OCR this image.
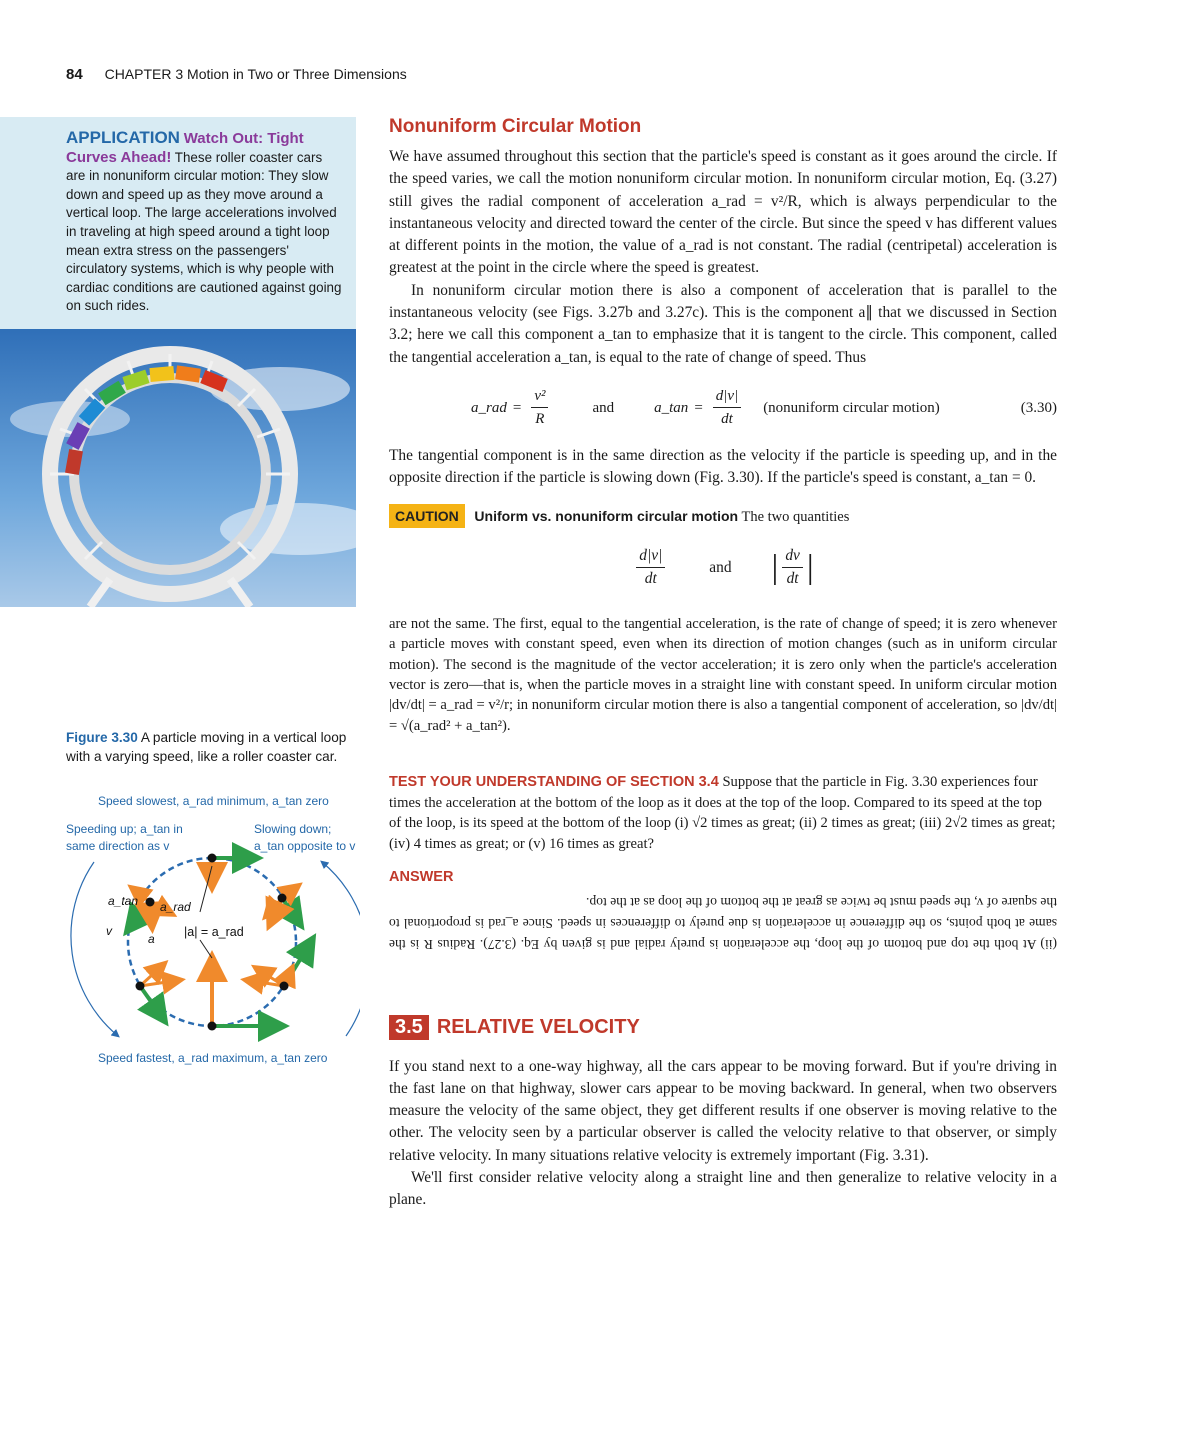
84 CHAPTER 3 Motion in Two or Three Dimensions
APPLICATION Watch Out: Tight Curves Ahead! These roller coaster cars are in nonuniform circular motion: They slow down and speed up as they move around a vertical loop. The large accelerations involved in traveling at high speed around a tight loop mean extra stress on the passengers' circulatory systems, which is why people with cardiac conditions are cautioned against going on such rides.
Figure 3.30 A particle moving in a vertical loop with a varying speed, like a roller coaster car.
Speed slowest, a_rad minimum, a_tan zero
Speeding up; a_tan in
same direction as v
Slowing down;
a_tan opposite to v
Speed fastest, a_rad maximum, a_tan zero
a_tan a_rad
v
a |a| = a_rad
Nonuniform Circular Motion

We have assumed throughout this section that the particle's speed is constant as it goes around the circle. If the speed varies, we call the motion nonuniform circular motion. In nonuniform circular motion, Eq. (3.27) still gives the radial component of acceleration a_rad = v²/R, which is always perpendicular to the instantaneous velocity and directed toward the center of the circle. But since the speed v has different values at different points in the motion, the value of a_rad is not constant. The radial (centripetal) acceleration is greatest at the point in the circle where the speed is greatest.

In nonuniform circular motion there is also a component of acceleration that is parallel to the instantaneous velocity (see Figs. 3.27b and 3.27c). This is the component a∥ that we discussed in Section 3.2; here we call this component a_tan to emphasize that it is tangent to the circle. This component, called the tangential acceleration a_tan, is equal to the rate of change of speed. Thus

a_rad = $\frac{\text{v²}}{R}$	and	a_tan = $\frac{d|v|}{dt}$ (nonuniform circular motion)	(3.30)

The tangential component is in the same direction as the velocity if the particle is speeding up, and in the opposite direction if the particle is slowing down (Fig. 3.30). If the particle's speed is constant, a_tan = 0.

CAUTION Uniform vs. nonuniform circular motion The two quantities
$\frac{d|v|}{dt}$	and | $\frac{dv}{dt}$ |

are not the same. The first, equal to the tangential acceleration, is the rate of change of speed; it is zero whenever a particle moves with constant speed, even when its direction of motion changes (such as in uniform circular motion). The second is the magnitude of the vector acceleration; it is zero only when the particle's acceleration vector is zero—that is, when the particle moves in a straight line with constant speed. In uniform circular motion |dv/dt| = a_rad = v²/r; in nonuniform circular motion there is also a tangential component of acceleration, so |dv/dt| = √(a_rad² + a_tan²).

TEST YOUR UNDERSTANDING OF SECTION 3.4 Suppose that the particle in Fig. 3.30 experiences four times the acceleration at the bottom of the loop as it does at the top of the loop. Compared to its speed at the top of the loop, is its speed at the bottom of the loop (i) √2 times as great; (ii) 2 times as great; (iii) 2√2 times as great; (iv) 4 times as great; or (v) 16 times as great?
ANSWER
(ii) At both the top and bottom of the loop, the acceleration is purely radial and is given by Eq. (3.27). Radius R is the same at both points, so the difference in acceleration is due purely to differences in speed. Since a_rad is proportional to the square of v, the speed must be twice as great at the bottom of the loop as at the top.
3.5 RELATIVE VELOCITY

If you stand next to a one-way highway, all the cars appear to be moving forward. But if you're driving in the fast lane on that highway, slower cars appear to be moving backward. In general, when two observers measure the velocity of the same object, they get different results if one observer is moving relative to the other. The velocity seen by a particular observer is called the velocity relative to that observer, or simply relative velocity. In many situations relative velocity is extremely important (Fig. 3.31).

We'll first consider relative velocity along a straight line and then generalize to relative velocity in a plane.
